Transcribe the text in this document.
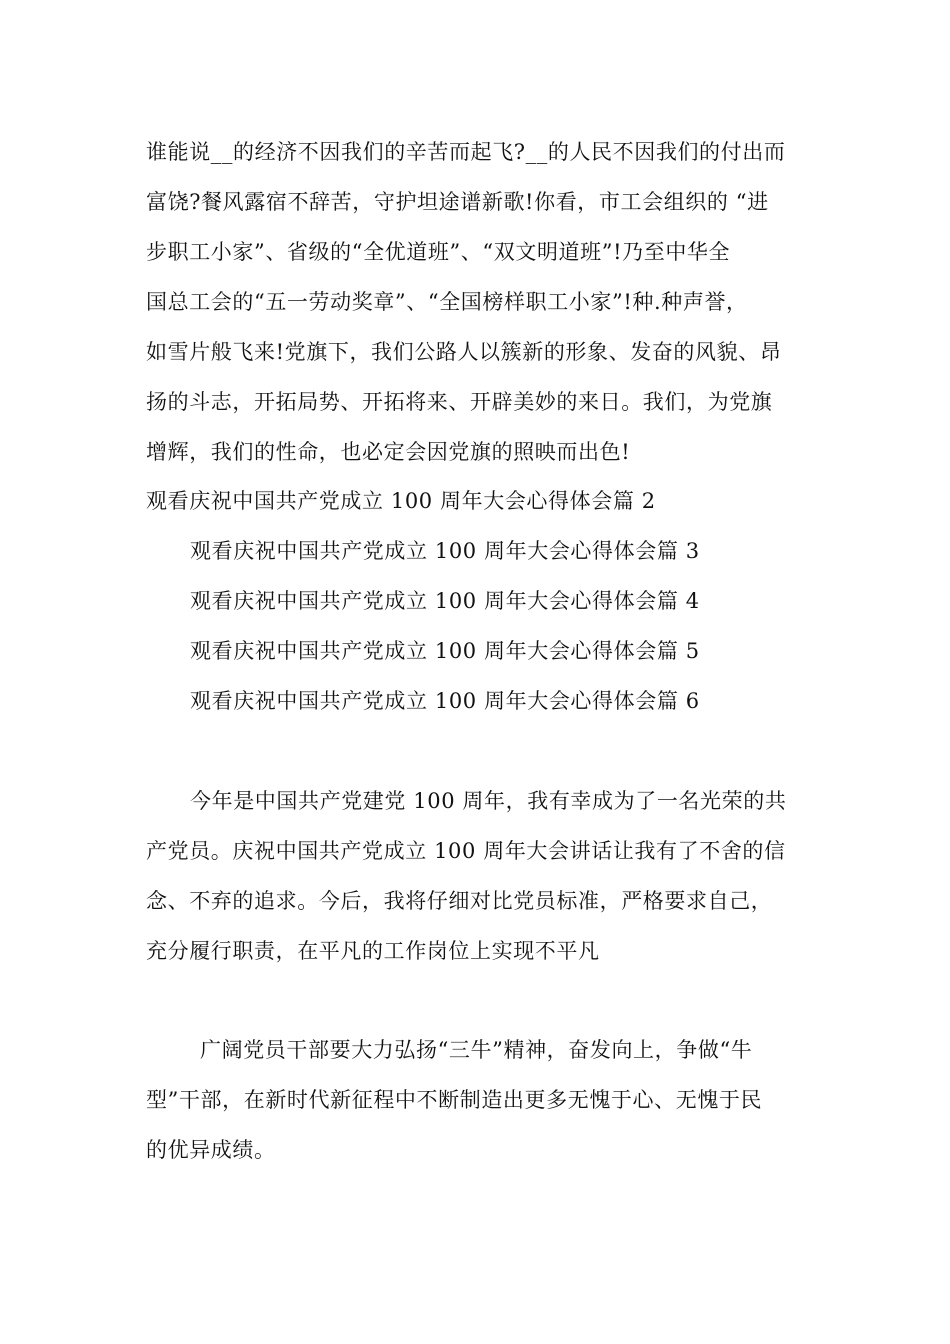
谁能说__的经济不因我们的辛苦而起飞?__的人民不因我们的付出而
富饶?餐风露宿不辞苦，守护坦途谱新歌!你看，市工会组织的 “进
步职工小家”、省级的“全优道班”、“双文明道班”!乃至中华全
国总工会的“五一劳动奖章”、“全国榜样职工小家”!种.种声誉，
如雪片般飞来!党旗下，我们公路人以簇新的形象、发奋的风貌、昂
扬的斗志，开拓局势、开拓将来、开辟美妙的来日。我们，为党旗
增辉，我们的性命，也必定会因党旗的照映而出色!
观看庆祝中国共产党成立 100 周年大会心得体会篇 2
观看庆祝中国共产党成立 100 周年大会心得体会篇 3
观看庆祝中国共产党成立 100 周年大会心得体会篇 4
观看庆祝中国共产党成立 100 周年大会心得体会篇 5
观看庆祝中国共产党成立 100 周年大会心得体会篇 6
今年是中国共产党建党 100 周年，我有幸成为了一名光荣的共
产党员。庆祝中国共产党成立 100 周年大会讲话让我有了不舍的信
念、不弃的追求。今后，我将仔细对比党员标准，严格要求自己，
充分履行职责，在平凡的工作岗位上实现不平凡
广阔党员干部要大力弘扬“三牛”精神，奋发向上，争做“牛
型”干部，在新时代新征程中不断制造出更多无愧于心、无愧于民
的优异成绩。
